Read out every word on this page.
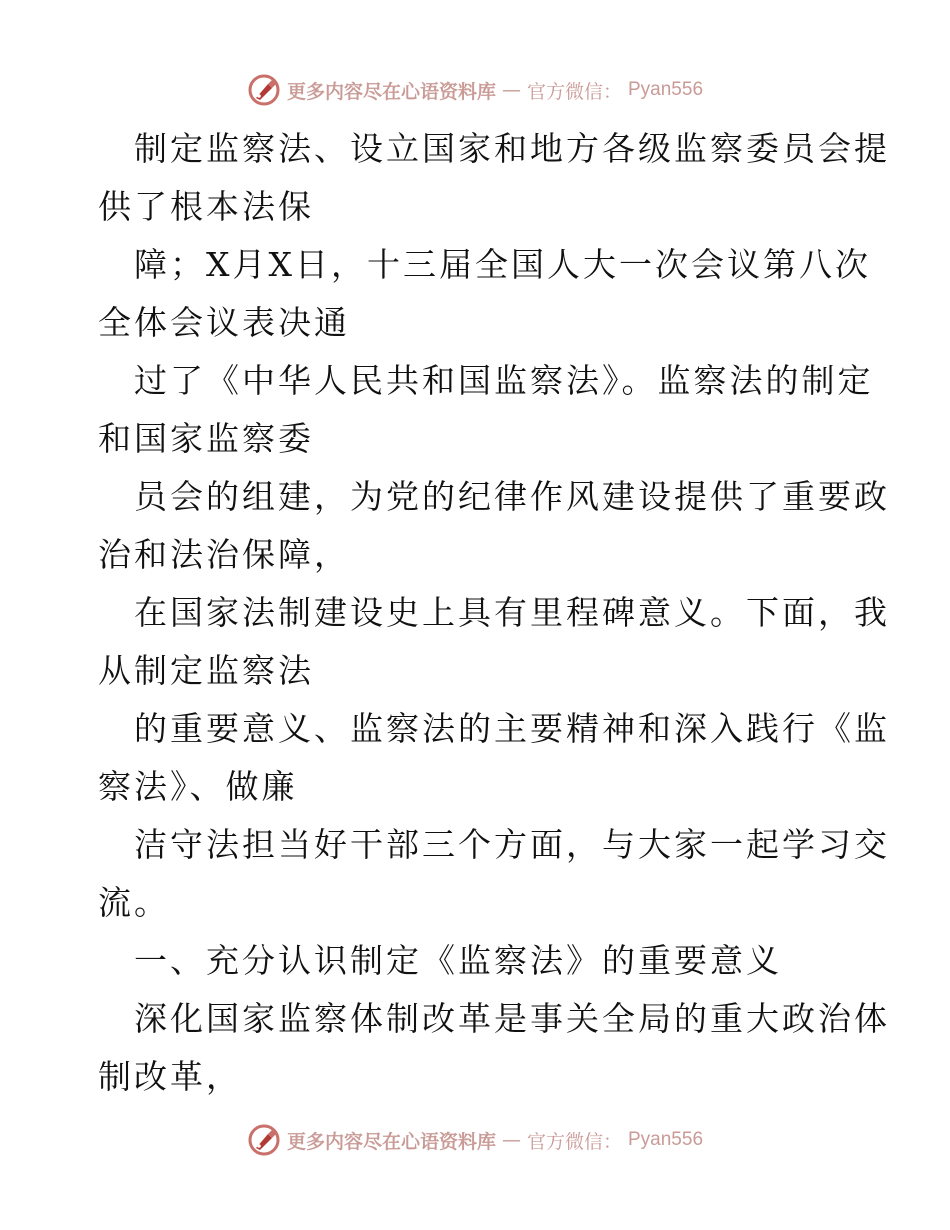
更多内容尽在心语资料库 — 官方微信： Pyan556
制定监察法、设立国家和地方各级监察委员会提
供了根本法保
障；X月X日，十三届全国人大一次会议第八次
全体会议表决通
过了《中华人民共和国监察法》。监察法的制定
和国家监察委
员会的组建，为党的纪律作风建设提供了重要政
治和法治保障，
在国家法制建设史上具有里程碑意义。下面，我
从制定监察法
的重要意义、监察法的主要精神和深入践行《监
察法》、做廉
洁守法担当好干部三个方面，与大家一起学习交
流。
一、充分认识制定《监察法》的重要意义
深化国家监察体制改革是事关全局的重大政治体
制改革，
更多内容尽在心语资料库 — 官方微信： Pyan556
